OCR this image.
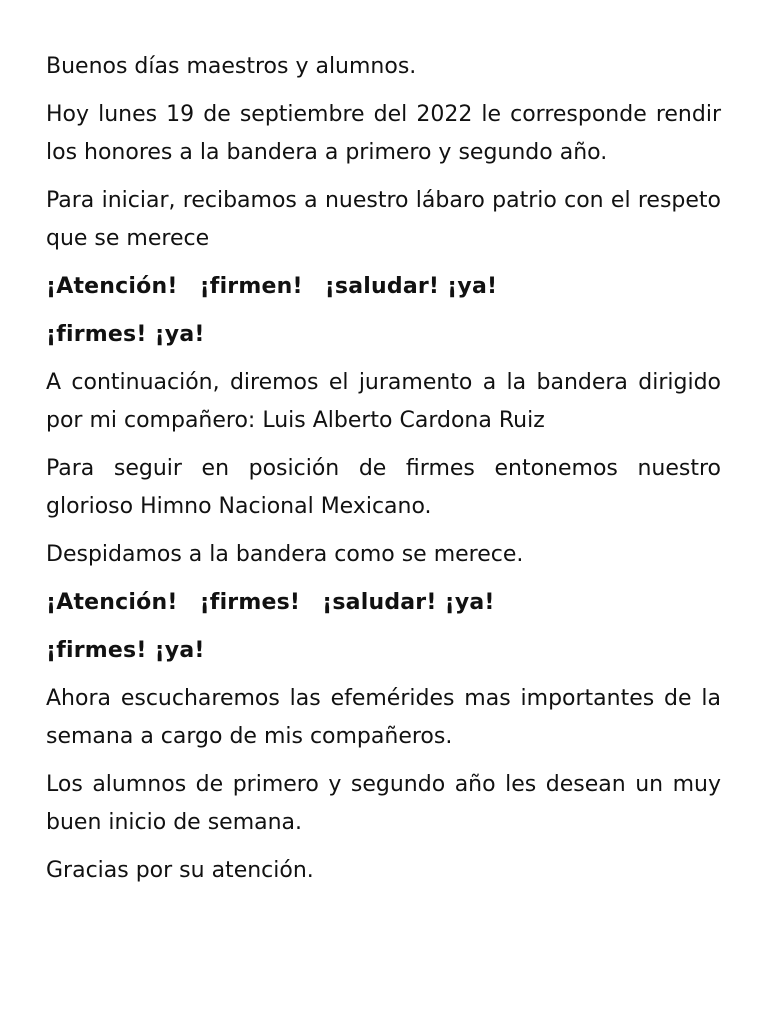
Buenos días maestros y alumnos.

Hoy lunes 19 de septiembre del 2022 le corresponde rendir los honores a la bandera a primero y segundo año.

Para iniciar, recibamos a nuestro lábaro patrio con el respeto que se merece

¡Atención! ¡firmen! ¡saludar! ¡ya!

¡firmes! ¡ya!

A continuación, diremos el juramento a la bandera dirigido por mi compañero: Luis Alberto Cardona Ruiz

Para seguir en posición de firmes entonemos nuestro glorioso Himno Nacional Mexicano.

Despidamos a la bandera como se merece.

¡Atención! ¡firmes! ¡saludar! ¡ya!

¡firmes! ¡ya!

Ahora escucharemos las efemérides mas importantes de la semana a cargo de mis compañeros.

Los alumnos de primero y segundo año les desean un muy buen inicio de semana.

Gracias por su atención.
